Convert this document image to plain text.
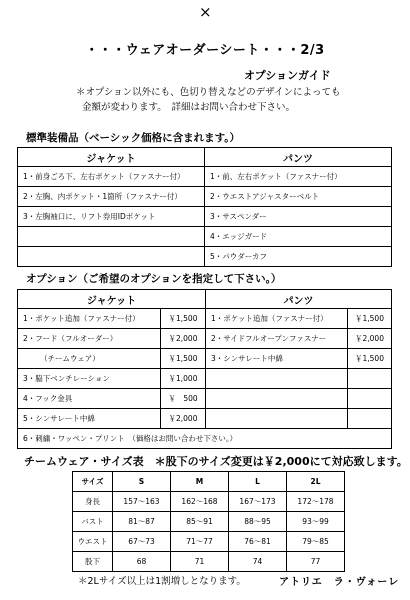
×
・・・ウェアオーダーシート・・・2/3
オプションガイド
＊オプション以外にも、色切り替えなどのデザインによっても
金額が変わります。　詳細はお問い合わせ下さい。
標準装備品（ベーシック価格に含まれます。）
ジャケット	パンツ
1・前身ごろ下、左右ポケット（ファスナー付）	1・前、左右ポケット（ファスナー付）
2・左胸、内ポケット・1箇所（ファスナー付）	2・ウエストアジャスターベルト
3・左胸袖口に、リフト券用IDポケット	3・サスペンダー
	4・エッジガード
	5・パウダーカフ
オプション（ご希望のオプションを指定して下さい。）
ジャケット		パンツ	
1・ポケット追加（ファスナー付）	￥1,500	1・ポケット追加（ファスナー付）	￥1,500
2・フード（フルオーダー）	￥2,000	2・サイドフルオープンファスナー	￥2,000
（チームウェア）	￥1,500	3・シンサレート中綿	￥1,500
3・脇下ベンチレーション	￥1,000		
4・フック金具	￥　500		
5・シンサレート中綿	￥2,000		
6・刺繍・ワッペン・プリント　（価格はお問い合わせ下さい。）			
チームウェア・サイズ表　＊股下のサイズ変更は￥2,000にて対応致します。
サイズ	S	M	L	2L
身長	157～163	162～168	167～173	172～178
バスト	81～87	85～91	88～95	93～99
ウエスト	67～73	71～77	76～81	79～85
股下	68	71	74	77
＊2Lサイズ以上は1割増しとなります。	アトリエ　ラ・ヴォーレ
